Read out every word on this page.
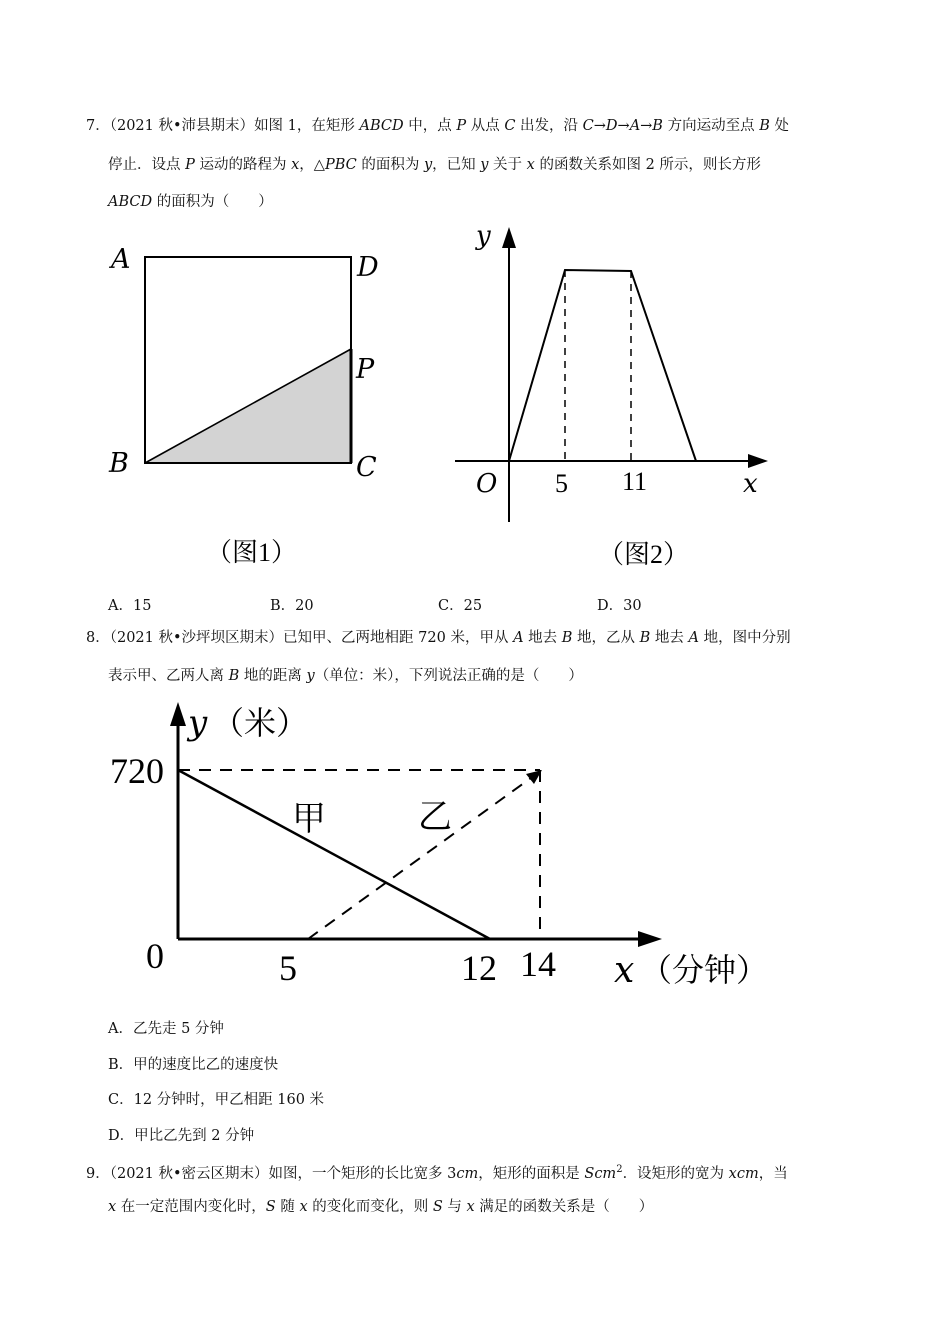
7．（2021 秋•沛县期末）如图 1，在矩形 ABCD 中，点 P 从点 C 出发，沿 C→D→A→B 方向运动至点 B 处
停止．设点 P 运动的路程为 x，△PBC 的面积为 y，已知 y 关于 x 的函数关系如图 2 所示，则长方形
ABCD 的面积为（　　）
A	D
P
B	C
（图1）
y
O 5 11	x
（图2）
A．15	B．20	C．25	D．30
8．（2021 秋•沙坪坝区期末）已知甲、乙两地相距 720 米，甲从 A 地去 B 地，乙从 B 地去 A 地，图中分别
表示甲、乙两人离 B 地的距离 y（单位：米），下列说法正确的是（　　）
y （米）
720
0	5	12 14 x （分钟）
甲	乙
A．乙先走 5 分钟
B．甲的速度比乙的速度快
C．12 分钟时，甲乙相距 160 米
D．甲比乙先到 2 分钟
9．（2021 秋•密云区期末）如图，一个矩形的长比宽多 3cm，矩形的面积是 Scm$^2$．设矩形的宽为 xcm，当
x 在一定范围内变化时，S 随 x 的变化而变化，则 S 与 x 满足的函数关系是（　　）
